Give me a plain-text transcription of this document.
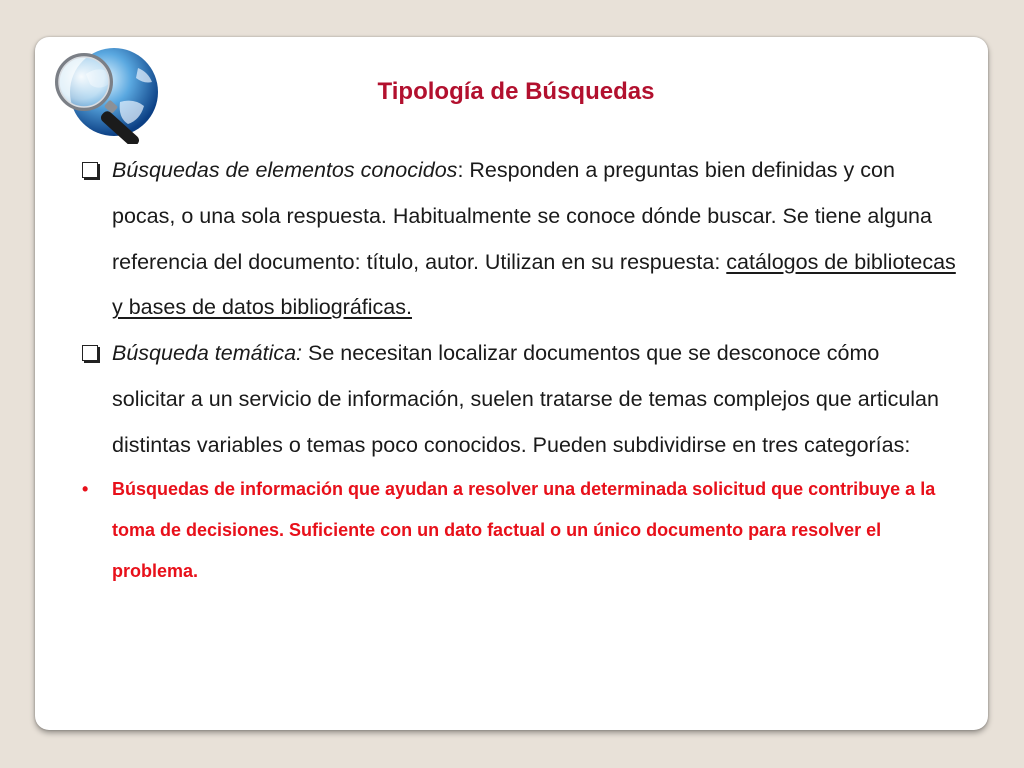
Tipología de Búsquedas

Búsquedas de elementos conocidos: Responden a preguntas bien definidas y con pocas, o una sola respuesta. Habitualmente se conoce dónde buscar. Se tiene alguna referencia del documento: título, autor. Utilizan en su respuesta: catálogos de bibliotecas y bases de datos bibliográficas.

Búsqueda temática: Se necesitan localizar documentos que se desconoce cómo solicitar a un servicio de información, suelen tratarse de temas complejos que articulan distintas variables o temas poco conocidos. Pueden subdividirse en tres categorías:

• Búsquedas de información que ayudan a resolver una determinada solicitud que contribuye a la toma de decisiones. Suficiente con un dato factual o un único documento para resolver el problema.
